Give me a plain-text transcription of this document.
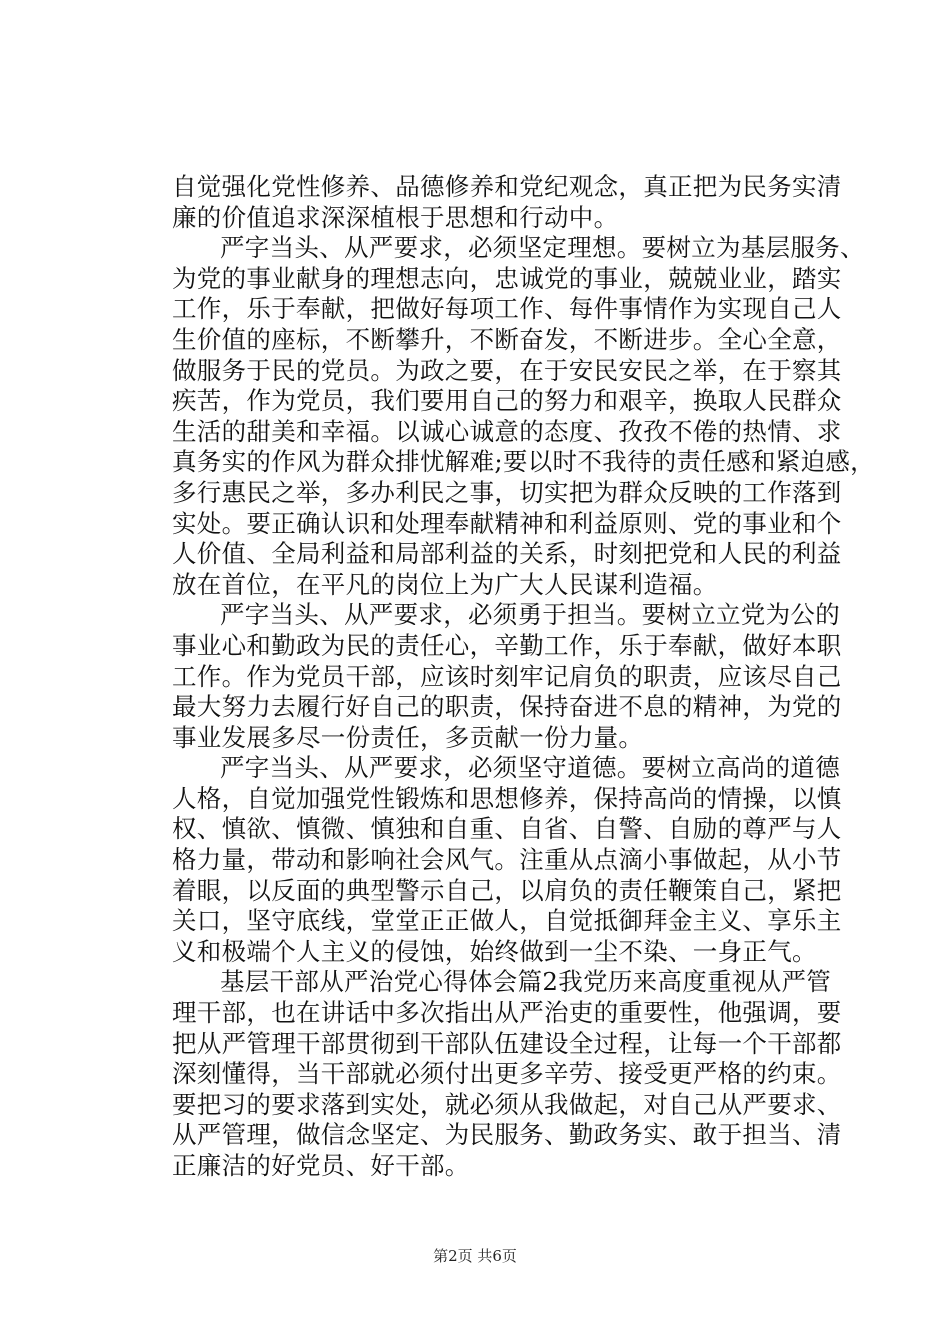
自觉强化党性修养、品德修养和党纪观念，真正把为民务实清
廉的价值追求深深植根于思想和行动中。
严字当头、从严要求，必须坚定理想。要树立为基层服务、
为党的事业献身的理想志向，忠诚党的事业，兢兢业业，踏实
工作，乐于奉献，把做好每项工作、每件事情作为实现自己人
生价值的座标，不断攀升，不断奋发，不断进步。全心全意，
做服务于民的党员。为政之要，在于安民安民之举，在于察其
疾苦，作为党员，我们要用自己的努力和艰辛，换取人民群众
生活的甜美和幸福。以诚心诚意的态度、孜孜不倦的热情、求
真务实的作风为群众排忧解难;要以时不我待的责任感和紧迫感，
多行惠民之举，多办利民之事，切实把为群众反映的工作落到
实处。要正确认识和处理奉献精神和利益原则、党的事业和个
人价值、全局利益和局部利益的关系，时刻把党和人民的利益
放在首位，在平凡的岗位上为广大人民谋利造福。
严字当头、从严要求，必须勇于担当。要树立立党为公的
事业心和勤政为民的责任心，辛勤工作，乐于奉献，做好本职
工作。作为党员干部，应该时刻牢记肩负的职责，应该尽自己
最大努力去履行好自己的职责，保持奋进不息的精神，为党的
事业发展多尽一份责任，多贡献一份力量。
严字当头、从严要求，必须坚守道德。要树立高尚的道德
人格，自觉加强党性锻炼和思想修养，保持高尚的情操，以慎
权、慎欲、慎微、慎独和自重、自省、自警、自励的尊严与人
格力量，带动和影响社会风气。注重从点滴小事做起，从小节
着眼，以反面的典型警示自己，以肩负的责任鞭策自己，紧把
关口，坚守底线，堂堂正正做人，自觉抵御拜金主义、享乐主
义和极端个人主义的侵蚀，始终做到一尘不染、一身正气。
基层干部从严治党心得体会篇2我党历来高度重视从严管
理干部，也在讲话中多次指出从严治吏的重要性，他强调，要
把从严管理干部贯彻到干部队伍建设全过程，让每一个干部都
深刻懂得，当干部就必须付出更多辛劳、接受更严格的约束。
要把习的要求落到实处，就必须从我做起，对自己从严要求、
从严管理，做信念坚定、为民服务、勤政务实、敢于担当、清
正廉洁的好党员、好干部。
第2页 共6页
